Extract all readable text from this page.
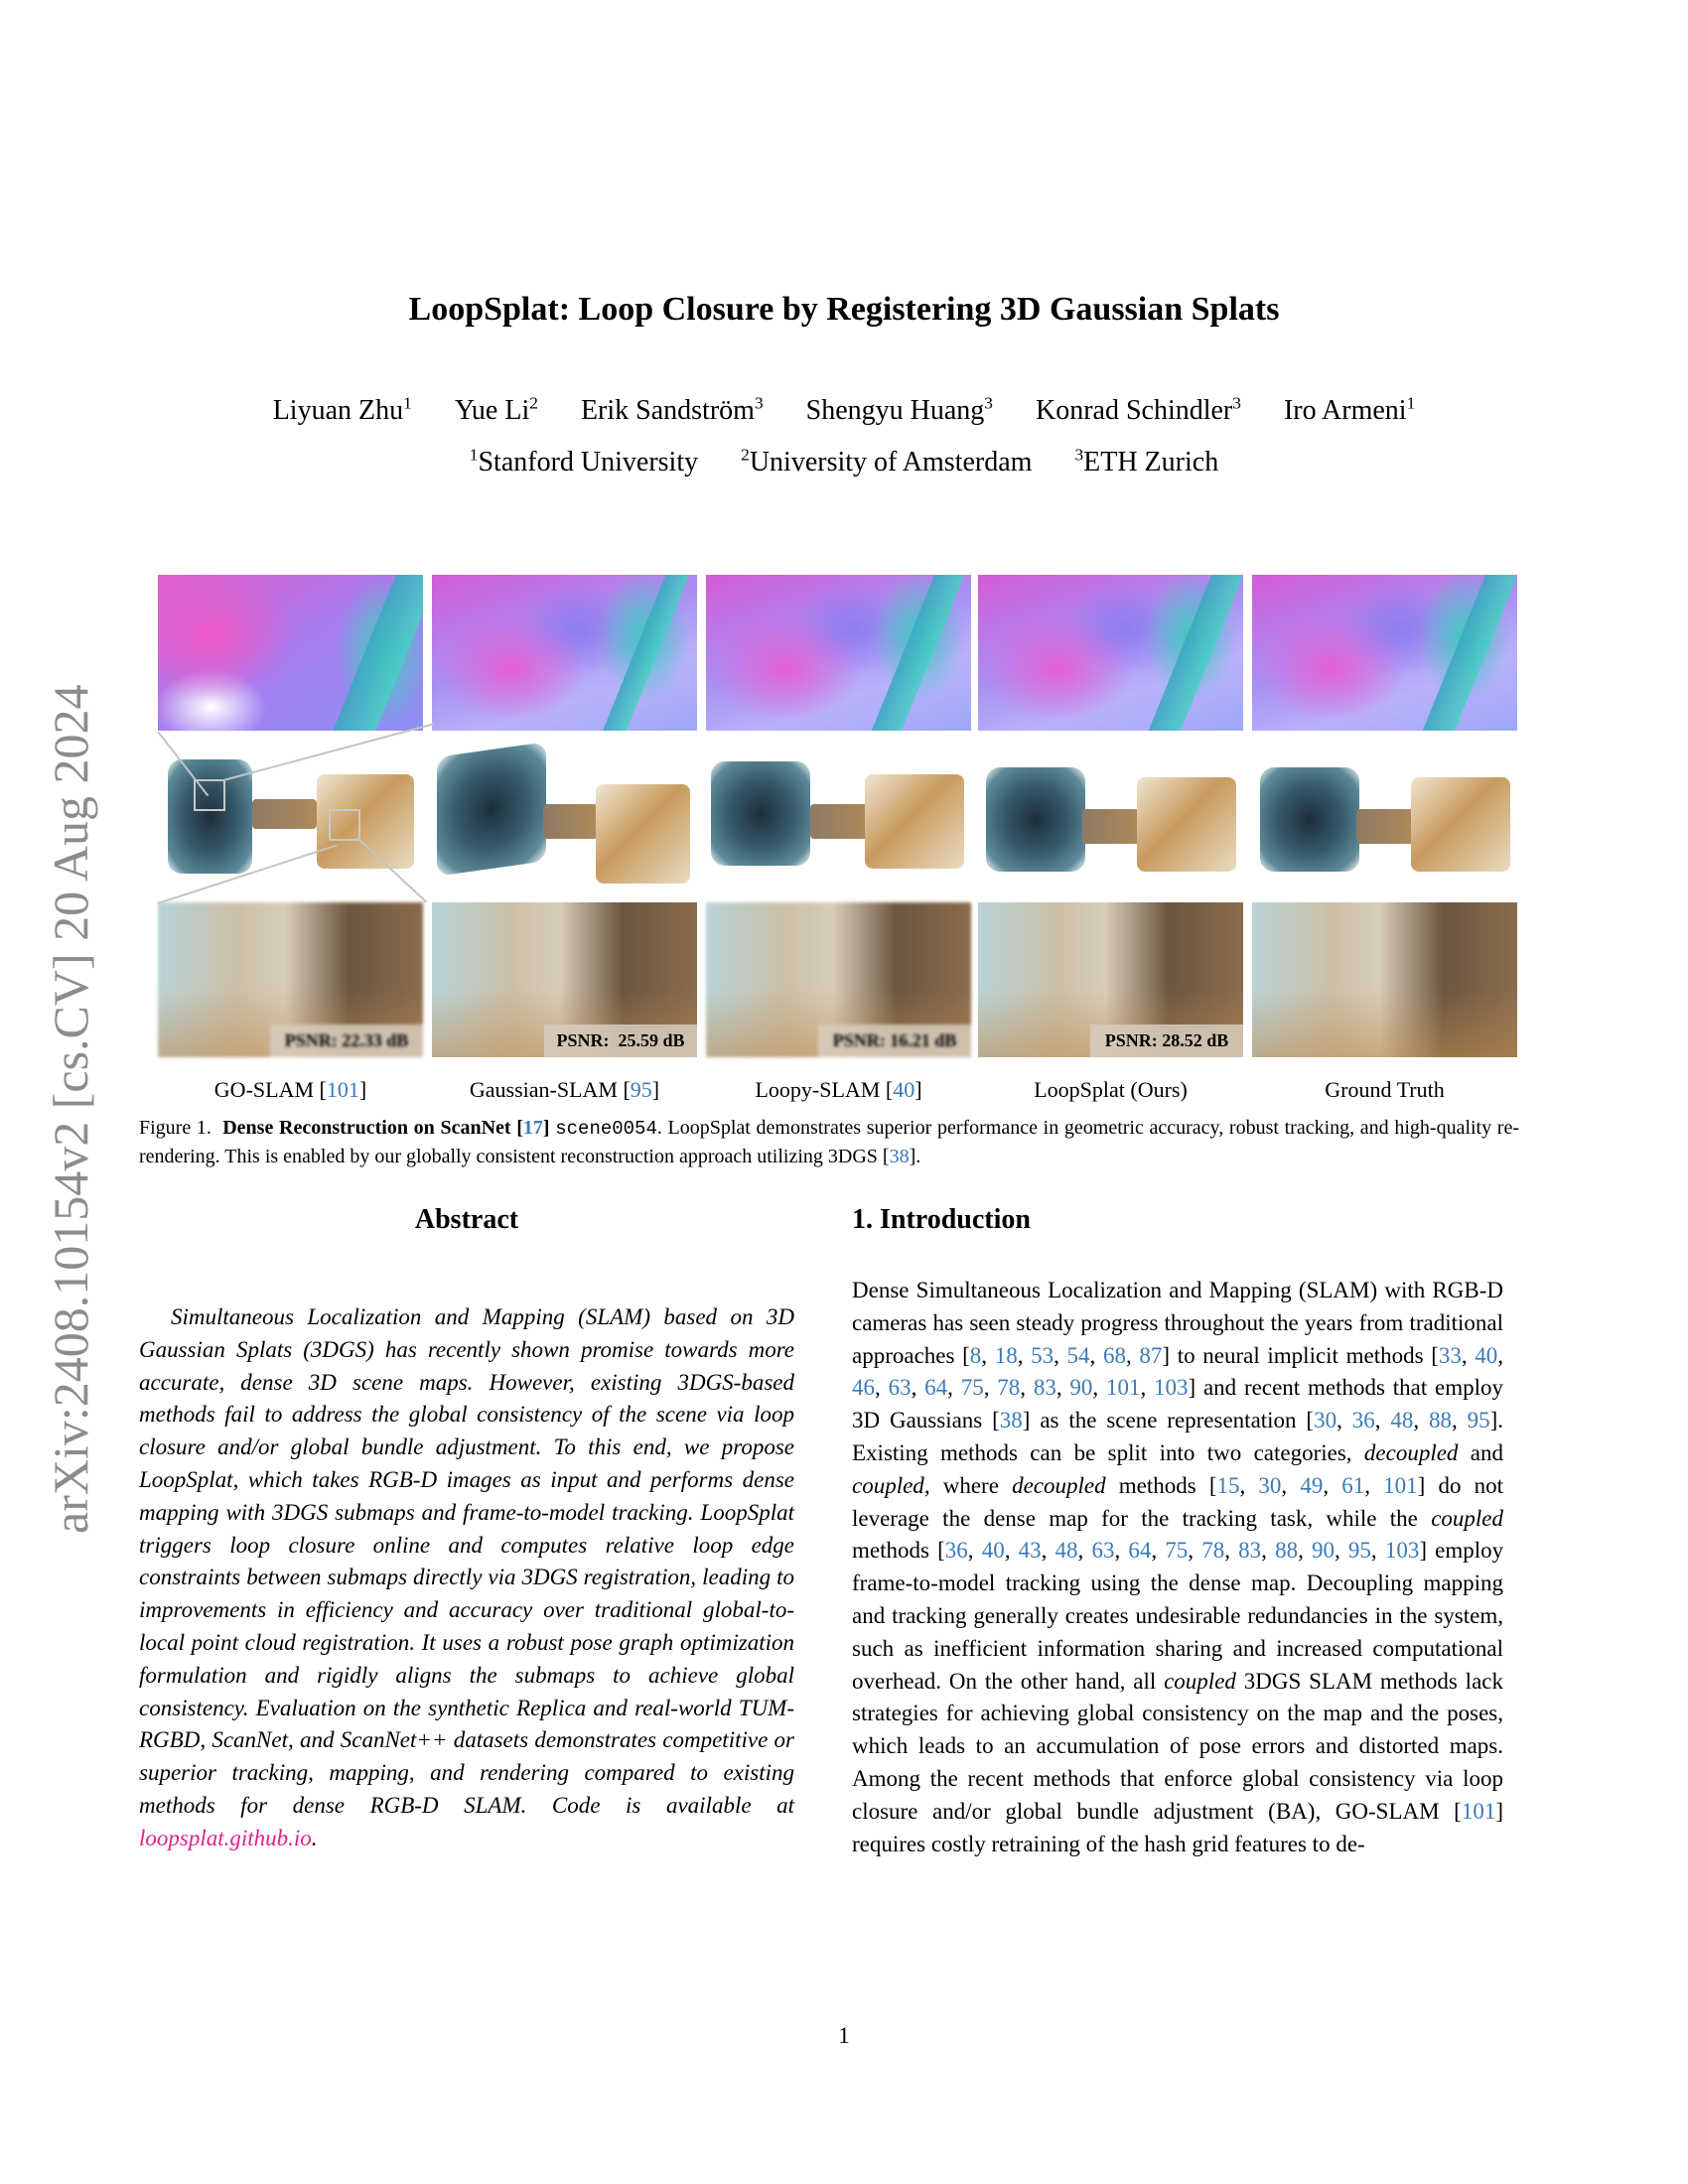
LoopSplat: Loop Closure by Registering 3D Gaussian Splats
Liyuan Zhu$^1$ Yue Li$^2$ Erik Sandström$^3$ Shengyu Huang$^3$ Konrad Schindler$^3$ Iro Armeni$^1$
$^1$Stanford University $^2$University of Amsterdam $^3$ETH Zurich
arXiv:2408.10154v2 [cs.CV] 20 Aug 2024	PSNR: 22.33 dB	PSNR:  25.59 dB	PSNR: 16.21 dB	PSNR: 28.52 dB
GO-SLAM [101]	Gaussian-SLAM [95]	Loopy-SLAM [40]	LoopSplat (Ours)	Ground Truth
Figure 1. Dense Reconstruction on ScanNet [17] scene0054. LoopSplat demonstrates superior performance in geometric accuracy, robust tracking, and high-quality re-rendering. This is enabled by our globally consistent reconstruction approach utilizing 3DGS [38].
Abstract
Simultaneous Localization and Mapping (SLAM) based on 3D Gaussian Splats (3DGS) has recently shown promise towards more accurate, dense 3D scene maps. However, existing 3DGS-based methods fail to address the global consistency of the scene via loop closure and/or global bundle adjustment. To this end, we propose LoopSplat, which takes RGB-D images as input and performs dense mapping with 3DGS submaps and frame-to-model tracking. LoopSplat triggers loop closure online and computes relative loop edge constraints between submaps directly via 3DGS registration, leading to improvements in efficiency and accuracy over traditional global-to-local point cloud registration. It uses a robust pose graph optimization formulation and rigidly aligns the submaps to achieve global consistency. Evaluation on the synthetic Replica and real-world TUM-RGBD, ScanNet, and ScanNet++ datasets demonstrates competitive or superior tracking, mapping, and rendering compared to existing methods for dense RGB-D SLAM. Code is available at loopsplat.github.io.
1. Introduction
Dense Simultaneous Localization and Mapping (SLAM) with RGB-D cameras has seen steady progress throughout the years from traditional approaches [8, 18, 53, 54, 68, 87] to neural implicit methods [33, 40, 46, 63, 64, 75, 78, 83, 90, 101, 103] and recent methods that employ 3D Gaussians [38] as the scene representation [30, 36, 48, 88, 95]. Existing methods can be split into two categories, decoupled and coupled, where decoupled methods [15, 30, 49, 61, 101] do not leverage the dense map for the tracking task, while the coupled methods [36, 40, 43, 48, 63, 64, 75, 78, 83, 88, 90, 95, 103] employ frame-to-model tracking using the dense map. Decoupling mapping and tracking generally creates undesirable redundancies in the system, such as inefficient information sharing and increased computational overhead. On the other hand, all coupled 3DGS SLAM methods lack strategies for achieving global consistency on the map and the poses, which leads to an accumulation of pose errors and distorted maps. Among the recent methods that enforce global consistency via loop closure and/or global bundle adjustment (BA), GO-SLAM [101] requires costly retraining of the hash grid features to de-
1
